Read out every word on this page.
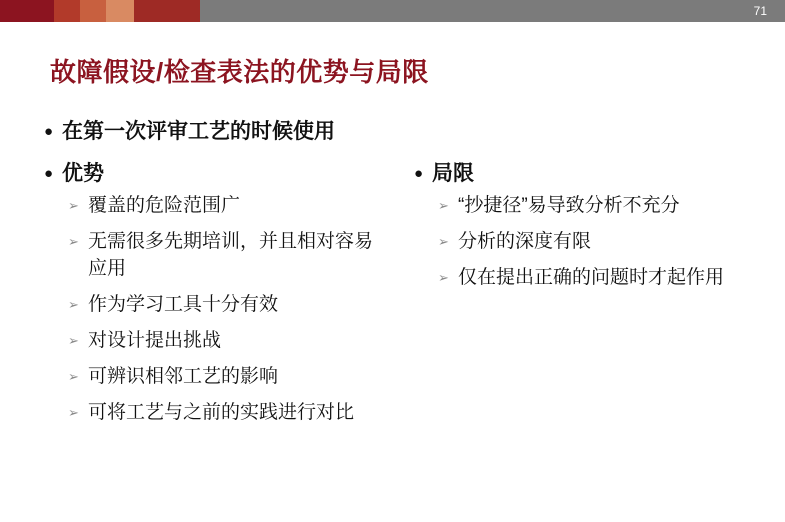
71
故障假设/检查表法的优势与局限
● 在第一次评审工艺的时候使用
● 优势
➢ 覆盖的危险范围广
➢ 无需很多先期培训，并且相对容易应用
➢ 作为学习工具十分有效
➢ 对设计提出挑战
➢ 可辨识相邻工艺的影响
➢ 可将工艺与之前的实践进行对比
● 局限
➢ “抄捷径”易导致分析不充分
➢ 分析的深度有限
➢ 仅在提出正确的问题时才起作用
